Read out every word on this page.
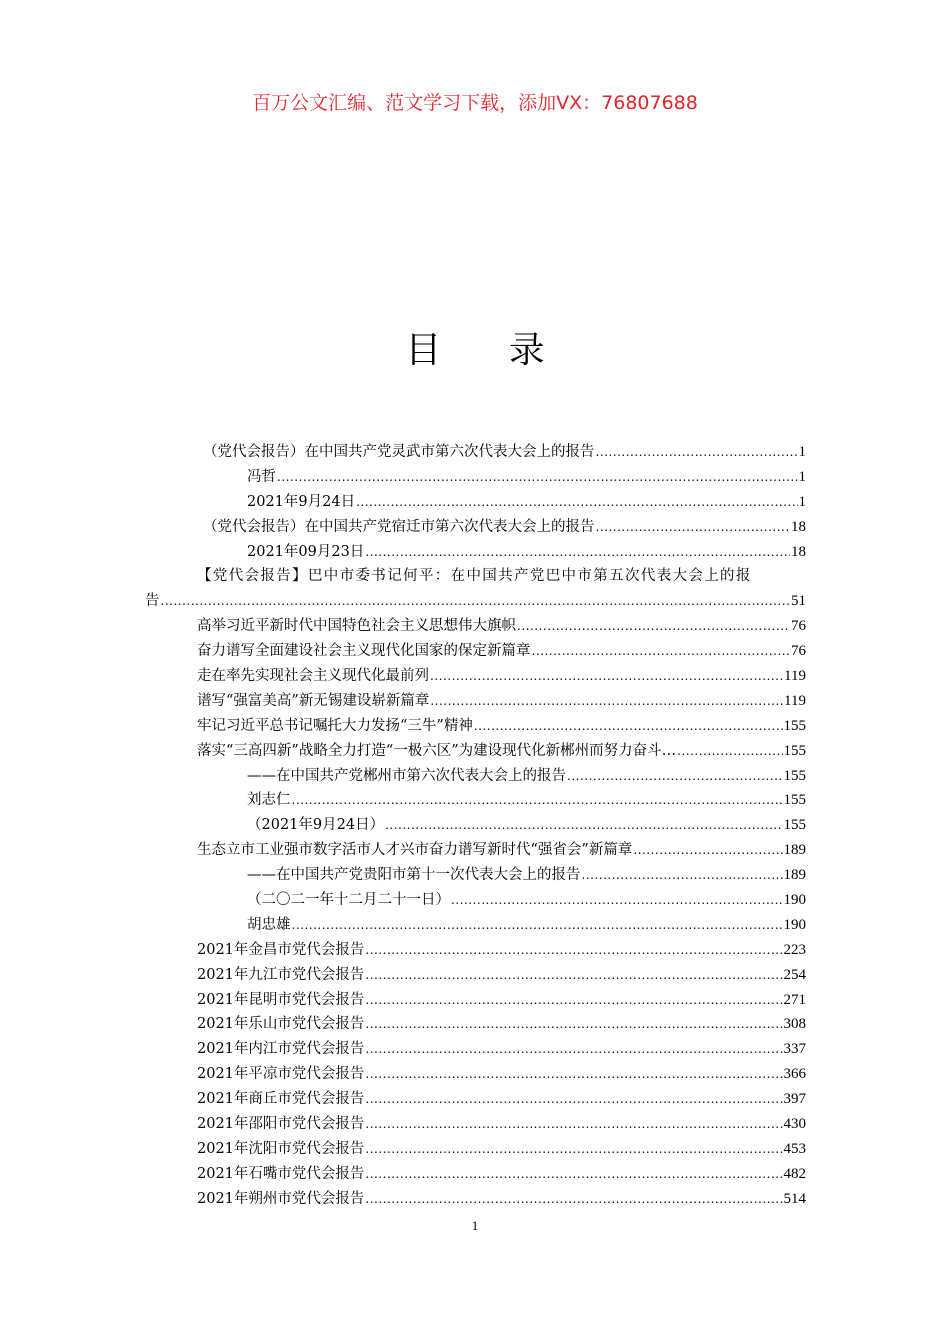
百万公文汇编、范文学习下载，添加VX：76807688
目 录
（党代会报告）在中国共产党灵武市第六次代表大会上的报告 .....	1
冯哲 .....	1
2021年9月24日 .....	1
（党代会报告）在中国共产党宿迁市第六次代表大会上的报告 .....	18
2021年09月23日 .....	18
【党代会报告】巴中市委书记何平：在中国共产党巴中市第五次代表大会上的报
告 .....	51
高举习近平新时代中国特色社会主义思想伟大旗帜 .....	76
奋力谱写全面建设社会主义现代化国家的保定新篇章 .....	76
走在率先实现社会主义现代化最前列 .....	119
谱写“强富美高”新无锡建设崭新篇章 .....	119
牢记习近平总书记嘱托大力发扬“三牛”精神 .....	155
落实“三高四新”战略全力打造“一极六区”为建设现代化新郴州而努力奋斗… .....	155
——在中国共产党郴州市第六次代表大会上的报告 .....	155
刘志仁 .....	155
（2021年9月24日） .....	155
生态立市工业强市数字活市人才兴市奋力谱写新时代“强省会”新篇章 .....	189
——在中国共产党贵阳市第十一次代表大会上的报告 .....	189
（二〇二一年十二月二十一日） .....	190
胡忠雄 .....	190
2021年金昌市党代会报告 .....	223
2021年九江市党代会报告 .....	254
2021年昆明市党代会报告 .....	271
2021年乐山市党代会报告 .....	308
2021年内江市党代会报告 .....	337
2021年平凉市党代会报告 .....	366
2021年商丘市党代会报告 .....	397
2021年邵阳市党代会报告 .....	430
2021年沈阳市党代会报告 .....	453
2021年石嘴市党代会报告 .....	482
2021年朔州市党代会报告 .....	514
1
